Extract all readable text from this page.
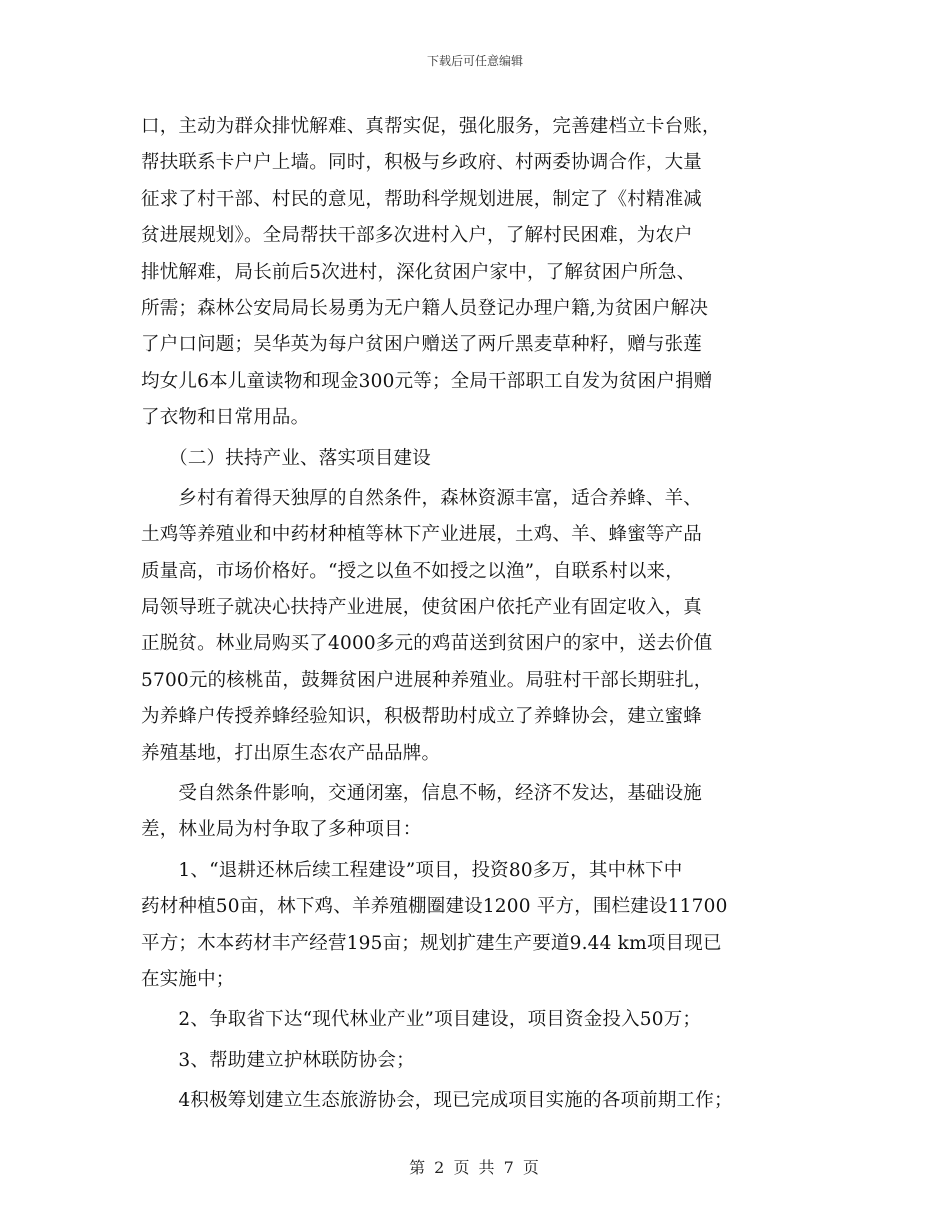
下载后可任意编辑
口，主动为群众排忧解难、真帮实促，强化服务，完善建档立卡台账，
帮扶联系卡户户上墙。同时，积极与乡政府、村两委协调合作，大量
征求了村干部、村民的意见，帮助科学规划进展，制定了《村精准减
贫进展规划》。全局帮扶干部多次进村入户，了解村民困难，为农户
排忧解难，局长前后5次进村，深化贫困户家中，了解贫困户所急、
所需；森林公安局局长易勇为无户籍人员登记办理户籍,为贫困户解决
了户口问题；吴华英为每户贫困户赠送了两斤黑麦草种籽，赠与张莲
均女儿6本儿童读物和现金300元等；全局干部职工自发为贫困户捐赠
了衣物和日常用品。
　　（二）扶持产业、落实项目建设
　　乡村有着得天独厚的自然条件，森林资源丰富，适合养蜂、羊、
土鸡等养殖业和中药材种植等林下产业进展，土鸡、羊、蜂蜜等产品
质量高，市场价格好。“授之以鱼不如授之以渔”，自联系村以来，
局领导班子就决心扶持产业进展，使贫困户依托产业有固定收入，真
正脱贫。林业局购买了4000多元的鸡苗送到贫困户的家中，送去价值
5700元的核桃苗，鼓舞贫困户进展种养殖业。局驻村干部长期驻扎，
为养蜂户传授养蜂经验知识，积极帮助村成立了养蜂协会，建立蜜蜂
养殖基地，打出原生态农产品品牌。
　　受自然条件影响，交通闭塞，信息不畅，经济不发达，基础设施
差，林业局为村争取了多种项目：
　　1、“退耕还林后续工程建设”项目，投资80多万，其中林下中
药材种植50亩，林下鸡、羊养殖棚圈建设1200 平方，围栏建设11700
平方；木本药材丰产经营195亩；规划扩建生产要道9.44 km项目现已
在实施中；
　　2、争取省下达“现代林业产业”项目建设，项目资金投入50万；
　　3、帮助建立护林联防协会；
　　4积极筹划建立生态旅游协会，现已完成项目实施的各项前期工作；
第 2 页 共 7 页
